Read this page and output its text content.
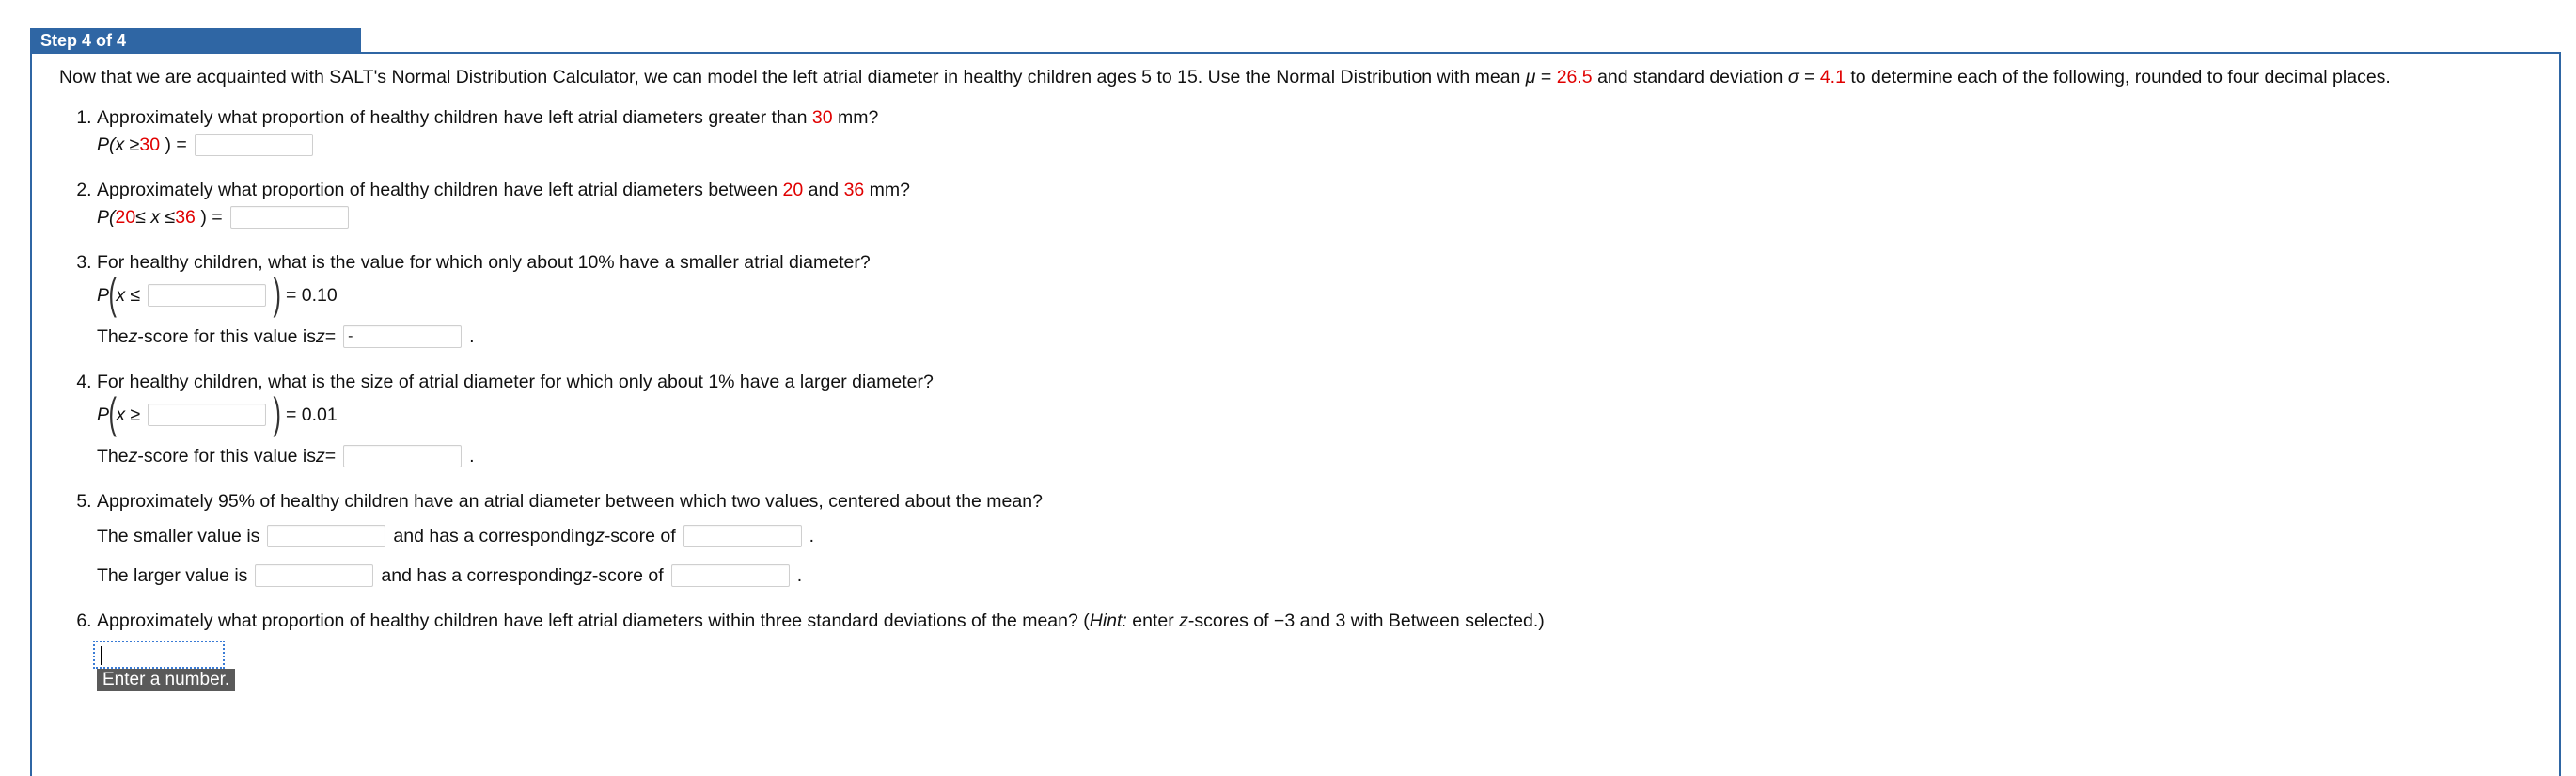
Step 4 of 4

Now that we are acquainted with SALT's Normal Distribution Calculator, we can model the left atrial diameter in healthy children ages 5 to 15. Use the Normal Distribution with mean μ = 26.5 and standard deviation σ = 4.1 to determine each of the following, rounded to four decimal places.

1. Approximately what proportion of healthy children have left atrial diameters greater than 30 mm?
P(x ≥ 30
) =
2. Approximately what proportion of healthy children have left atrial diameters between 20 and 36 mm?
P( 20 ≤ x ≤ 36
) =
3. For healthy children, what is the value for which only about 10% have a smaller atrial diameter?
P ( x ≤	)
= 0.10
The z -score for this value is z = -	.
4. For healthy children, what is the size of atrial diameter for which only about 1% have a larger diameter?
P ( x ≥	)
= 0.01
The z -score for this value is z =	.
5. Approximately 95% of healthy children have an atrial diameter between which two values, centered about the mean?
The smaller value is	and has a corresponding z -score of	.
The larger value is	and has a corresponding z -score of	.
6. Approximately what proportion of healthy children have left atrial diameters within three standard deviations of the mean? (Hint: enter z-scores of −3 and 3 with Between selected.)
Enter a number.
